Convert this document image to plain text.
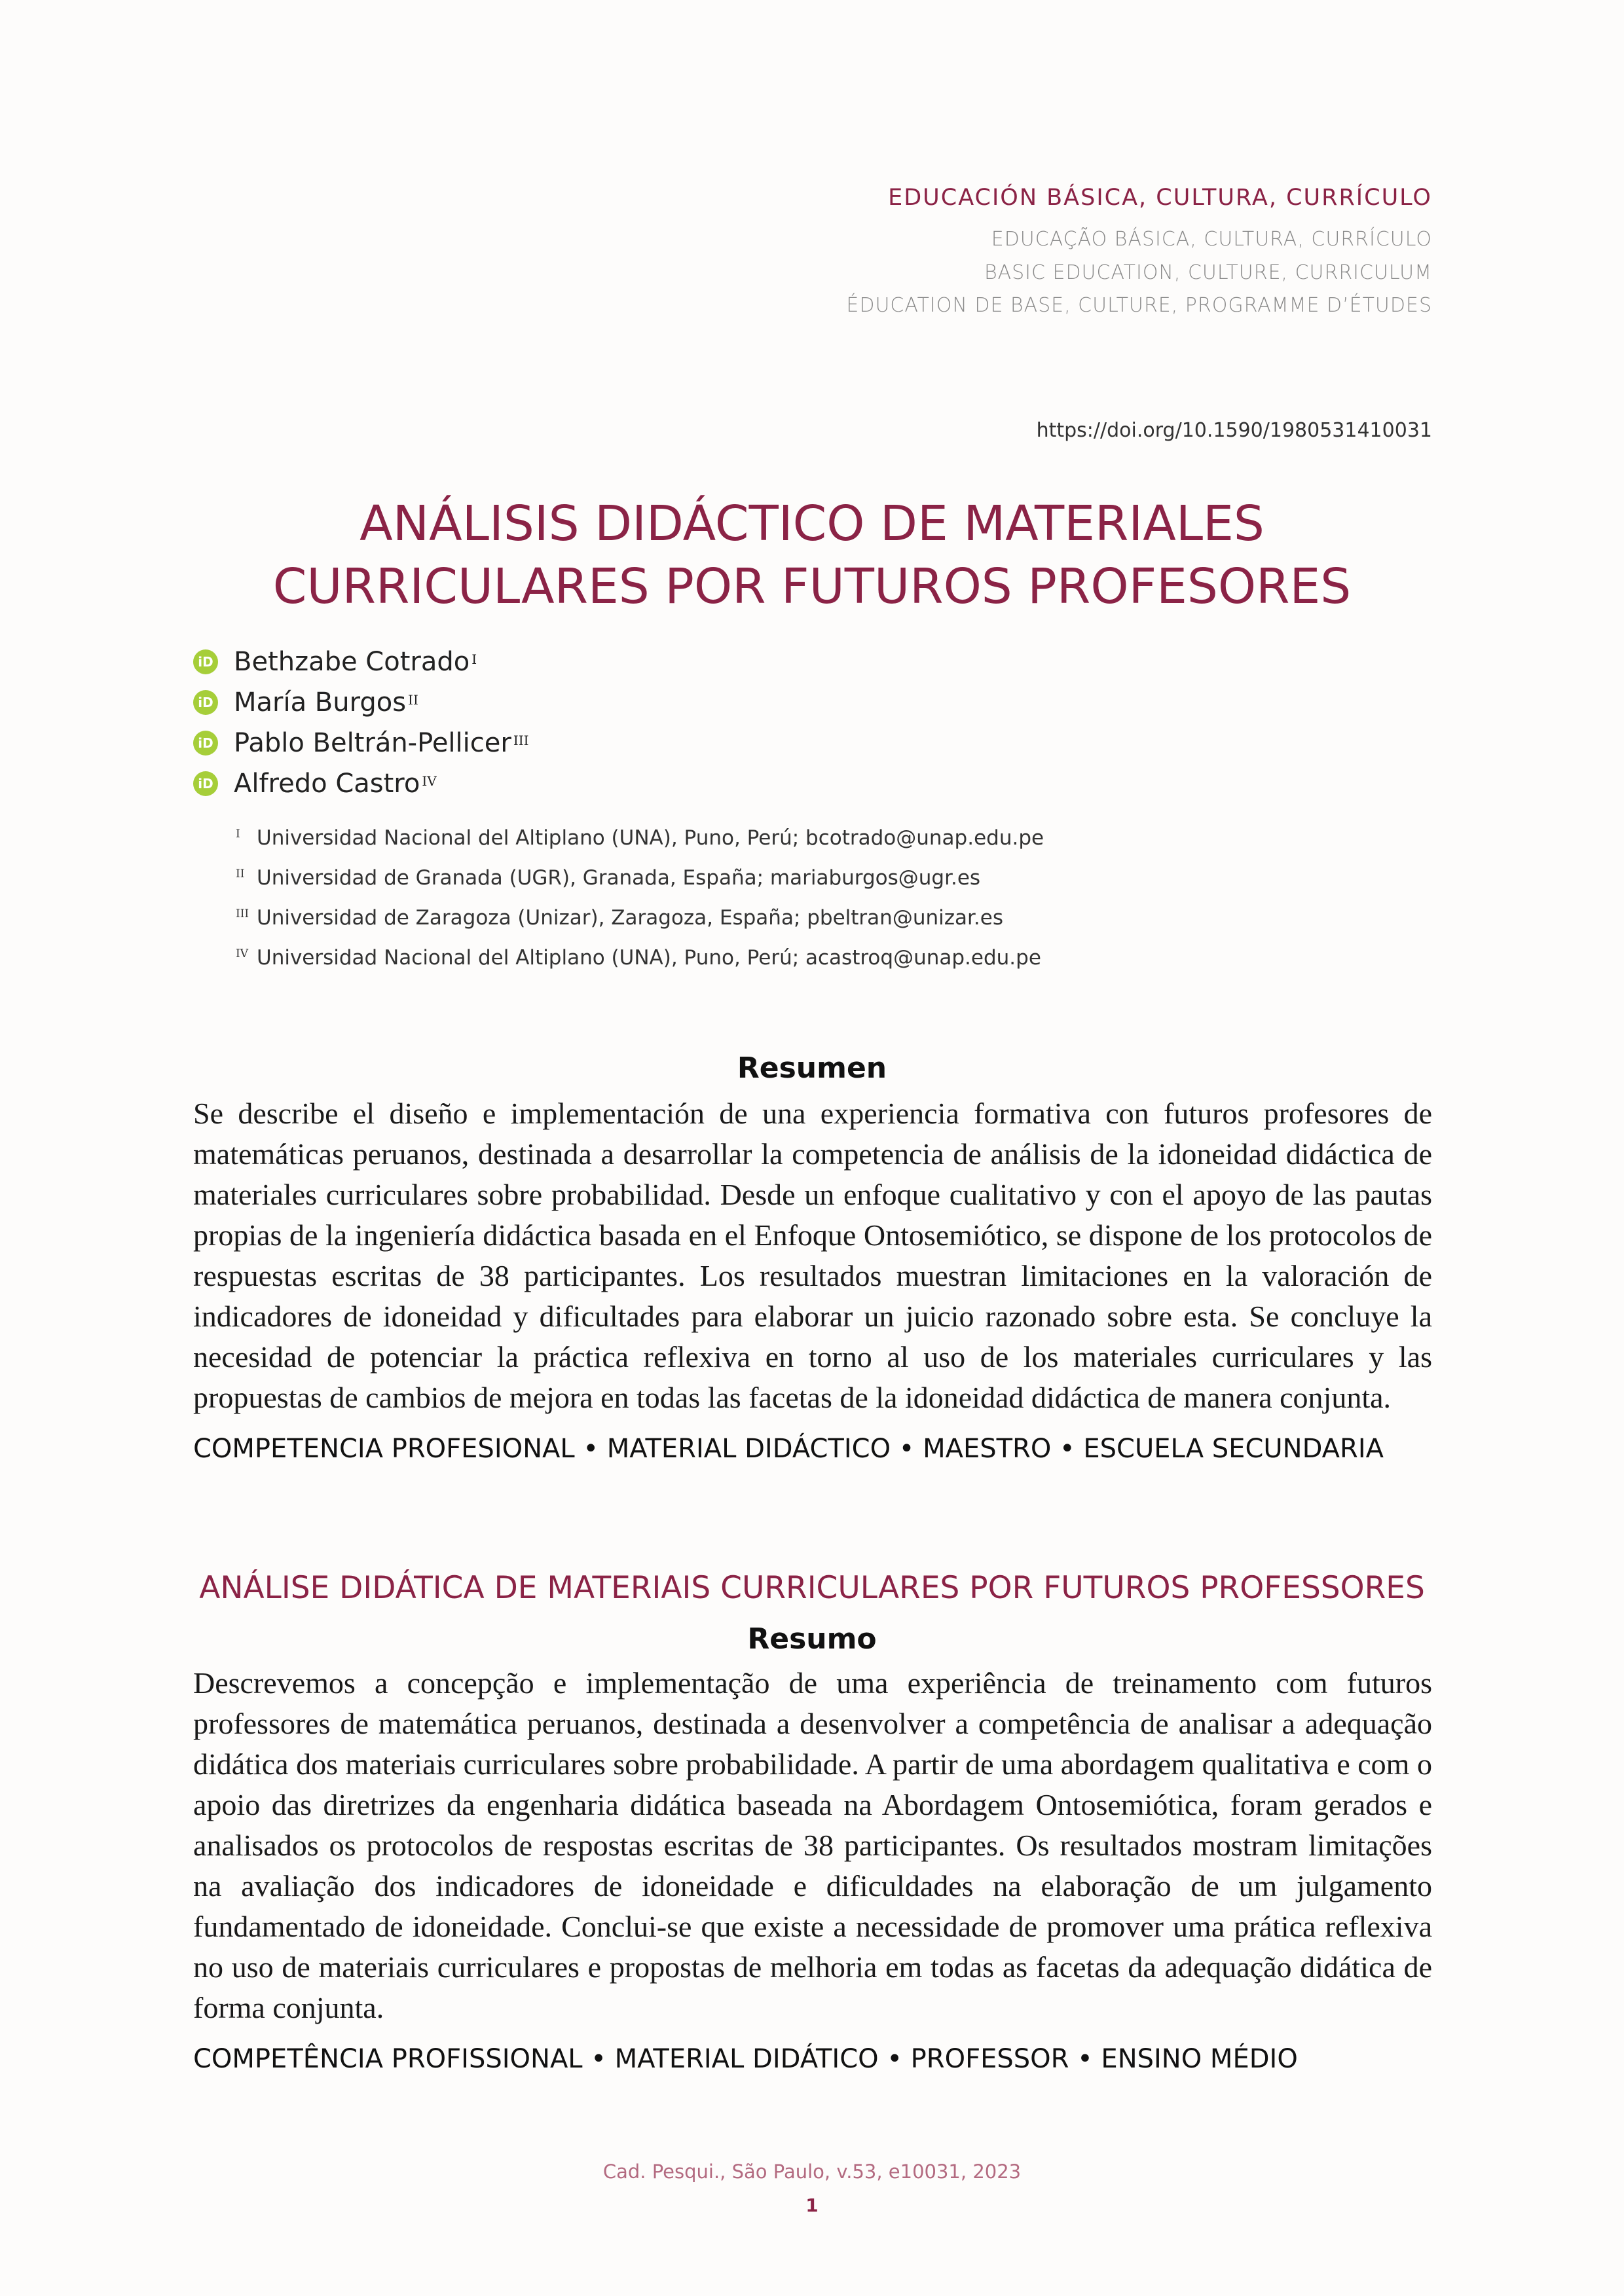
EDUCACIÓN BÁSICA, CULTURA, CURRÍCULO
EDUCAÇÃO BÁSICA, CULTURA, CURRÍCULO
BASIC EDUCATION, CULTURE, CURRICULUM
ÉDUCATION DE BASE, CULTURE, PROGRAMME D’ÉTUDES
https://doi.org/10.1590/1980531410031
ANÁLISIS DIDÁCTICO DE MATERIALES
CURRICULARES POR FUTUROS PROFESORES
iD Bethzabe Cotrado$^I$
iD María Burgos$^{II}$
iD Pablo Beltrán-Pellicer$^{III}$
iD Alfredo Castro$^{IV}$
I Universidad Nacional del Altiplano (UNA), Puno, Perú; bcotrado@unap.edu.pe
II Universidad de Granada (UGR), Granada, España; mariaburgos@ugr.es
III Universidad de Zaragoza (Unizar), Zaragoza, España; pbeltran@unizar.es
IV Universidad Nacional del Altiplano (UNA), Puno, Perú; acastroq@unap.edu.pe
Resumen
Se describe el diseño e implementación de una experiencia formativa con futuros profesores de matemáticas peruanos, destinada a desarrollar la competencia de análisis de la idoneidad didáctica de materiales curriculares sobre probabilidad. Desde un enfoque cualitativo y con el apoyo de las pautas propias de la ingeniería didáctica basada en el Enfoque Ontosemiótico, se dispone de los protocolos de respuestas escritas de 38 participantes. Los resultados muestran limitaciones en la valoración de indicadores de idoneidad y dificultades para elaborar un juicio razonado sobre esta. Se concluye la necesidad de potenciar la práctica reflexiva en torno al uso de los materiales curriculares y las propuestas de cambios de mejora en todas las facetas de la idoneidad didáctica de manera conjunta.
COMPETENCIA PROFESIONAL • MATERIAL DIDÁCTICO • MAESTRO • ESCUELA SECUNDARIA
ANÁLISE DIDÁTICA DE MATERIAIS CURRICULARES POR FUTUROS PROFESSORES
Resumo
Descrevemos a concepção e implementação de uma experiência de treinamento com futuros professores de matemática peruanos, destinada a desenvolver a competência de analisar a adequação didática dos materiais curriculares sobre probabilidade. A partir de uma abordagem qualitativa e com o apoio das diretrizes da engenharia didática baseada na Abordagem Ontosemiótica, foram gerados e analisados os protocolos de respostas escritas de 38 participantes. Os resultados mostram limitações na avaliação dos indicadores de idoneidade e dificuldades na elaboração de um julgamento fundamentado de idoneidade. Conclui-se que existe a necessidade de promover uma prática reflexiva no uso de materiais curriculares e propostas de melhoria em todas as facetas da adequação didática de forma conjunta.
COMPETÊNCIA PROFISSIONAL • MATERIAL DIDÁTICO • PROFESSOR • ENSINO MÉDIO
Cad. Pesqui., São Paulo, v.53, e10031, 2023
1
